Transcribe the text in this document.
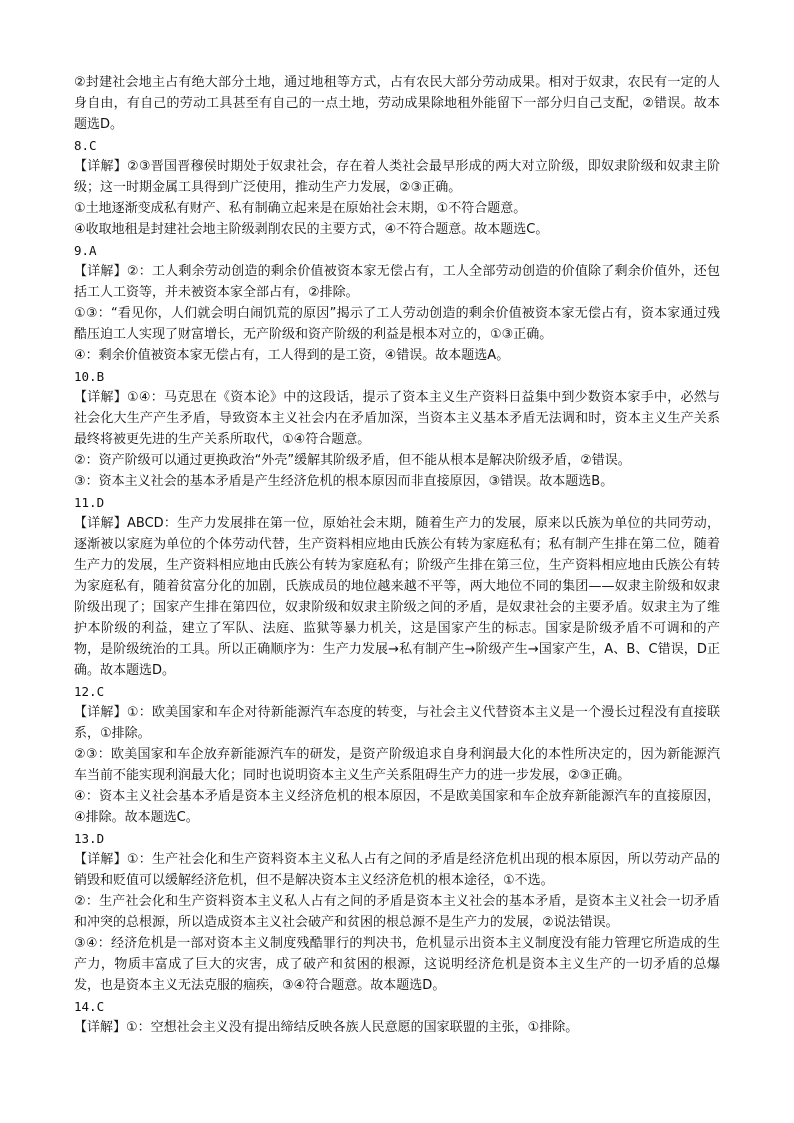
②封建社会地主占有绝大部分土地，通过地租等方式，占有农民大部分劳动成果。相对于奴隶，农民有一定的人身自由，有自己的劳动工具甚至有自己的一点土地，劳动成果除地租外能留下一部分归自己支配，②错误。故本题选D。

8.C

【详解】②③晋国晋穆侯时期处于奴隶社会，存在着人类社会最早形成的两大对立阶级，即奴隶阶级和奴隶主阶级；这一时期金属工具得到广泛使用，推动生产力发展，②③正确。

①土地逐渐变成私有财产、私有制确立起来是在原始社会末期，①不符合题意。

④收取地租是封建社会地主阶级剥削农民的主要方式，④不符合题意。故本题选C。

9.A

【详解】②：工人剩余劳动创造的剩余价值被资本家无偿占有，工人全部劳动创造的价值除了剩余价值外，还包括工人工资等，并未被资本家全部占有，②排除。

①③：“看见你，人们就会明白闹饥荒的原因”揭示了工人劳动创造的剩余价值被资本家无偿占有，资本家通过残酷压迫工人实现了财富增长，无产阶级和资产阶级的利益是根本对立的，①③正确。

④：剩余价值被资本家无偿占有，工人得到的是工资，④错误。故本题选A。

10.B

【详解】①④：马克思在《资本论》中的这段话，提示了资本主义生产资料日益集中到少数资本家手中，必然与社会化大生产产生矛盾，导致资本主义社会内在矛盾加深，当资本主义基本矛盾无法调和时，资本主义生产关系最终将被更先进的生产关系所取代，①④符合题意。

②：资产阶级可以通过更换政治“外壳”缓解其阶级矛盾，但不能从根本是解决阶级矛盾，②错误。

③：资本主义社会的基本矛盾是产生经济危机的根本原因而非直接原因，③错误。故本题选B。

11.D

【详解】ABCD：生产力发展排在第一位，原始社会末期，随着生产力的发展，原来以氏族为单位的共同劳动，逐渐被以家庭为单位的个体劳动代替，生产资料相应地由氏族公有转为家庭私有；私有制产生排在第二位，随着生产力的发展，生产资料相应地由氏族公有转为家庭私有；阶级产生排在第三位，生产资料相应地由氏族公有转为家庭私有，随着贫富分化的加剧，氏族成员的地位越来越不平等，两大地位不同的集团——奴隶主阶级和奴隶阶级出现了；国家产生排在第四位，奴隶阶级和奴隶主阶级之间的矛盾，是奴隶社会的主要矛盾。奴隶主为了维护本阶级的利益，建立了军队、法庭、监狱等暴力机关，这是国家产生的标志。国家是阶级矛盾不可调和的产物，是阶级统治的工具。所以正确顺序为：生产力发展→私有制产生→阶级产生→国家产生，A、B、C错误，D正确。故本题选D。

12.C

【详解】①：欧美国家和车企对待新能源汽车态度的转变，与社会主义代替资本主义是一个漫长过程没有直接联系，①排除。

②③：欧美国家和车企放弃新能源汽车的研发，是资产阶级追求自身利润最大化的本性所决定的，因为新能源汽车当前不能实现利润最大化；同时也说明资本主义生产关系阻碍生产力的进一步发展，②③正确。

④：资本主义社会基本矛盾是资本主义经济危机的根本原因，不是欧美国家和车企放弃新能源汽车的直接原因，④排除。故本题选C。

13.D

【详解】①：生产社会化和生产资料资本主义私人占有之间的矛盾是经济危机出现的根本原因，所以劳动产品的销毁和贬值可以缓解经济危机，但不是解决资本主义经济危机的根本途径，①不选。

②：生产社会化和生产资料资本主义私人占有之间的矛盾是资本主义社会的基本矛盾，是资本主义社会一切矛盾和冲突的总根源，所以造成资本主义社会破产和贫困的根总源不是生产力的发展，②说法错误。

③④：经济危机是一部对资本主义制度残酷罪行的判决书，危机显示出资本主义制度没有能力管理它所造成的生产力，物质丰富成了巨大的灾害，成了破产和贫困的根源，这说明经济危机是资本主义生产的一切矛盾的总爆发，也是资本主义无法克服的痼疾，③④符合题意。故本题选D。

14.C

【详解】①：空想社会主义没有提出缔结反映各族人民意愿的国家联盟的主张，①排除。
